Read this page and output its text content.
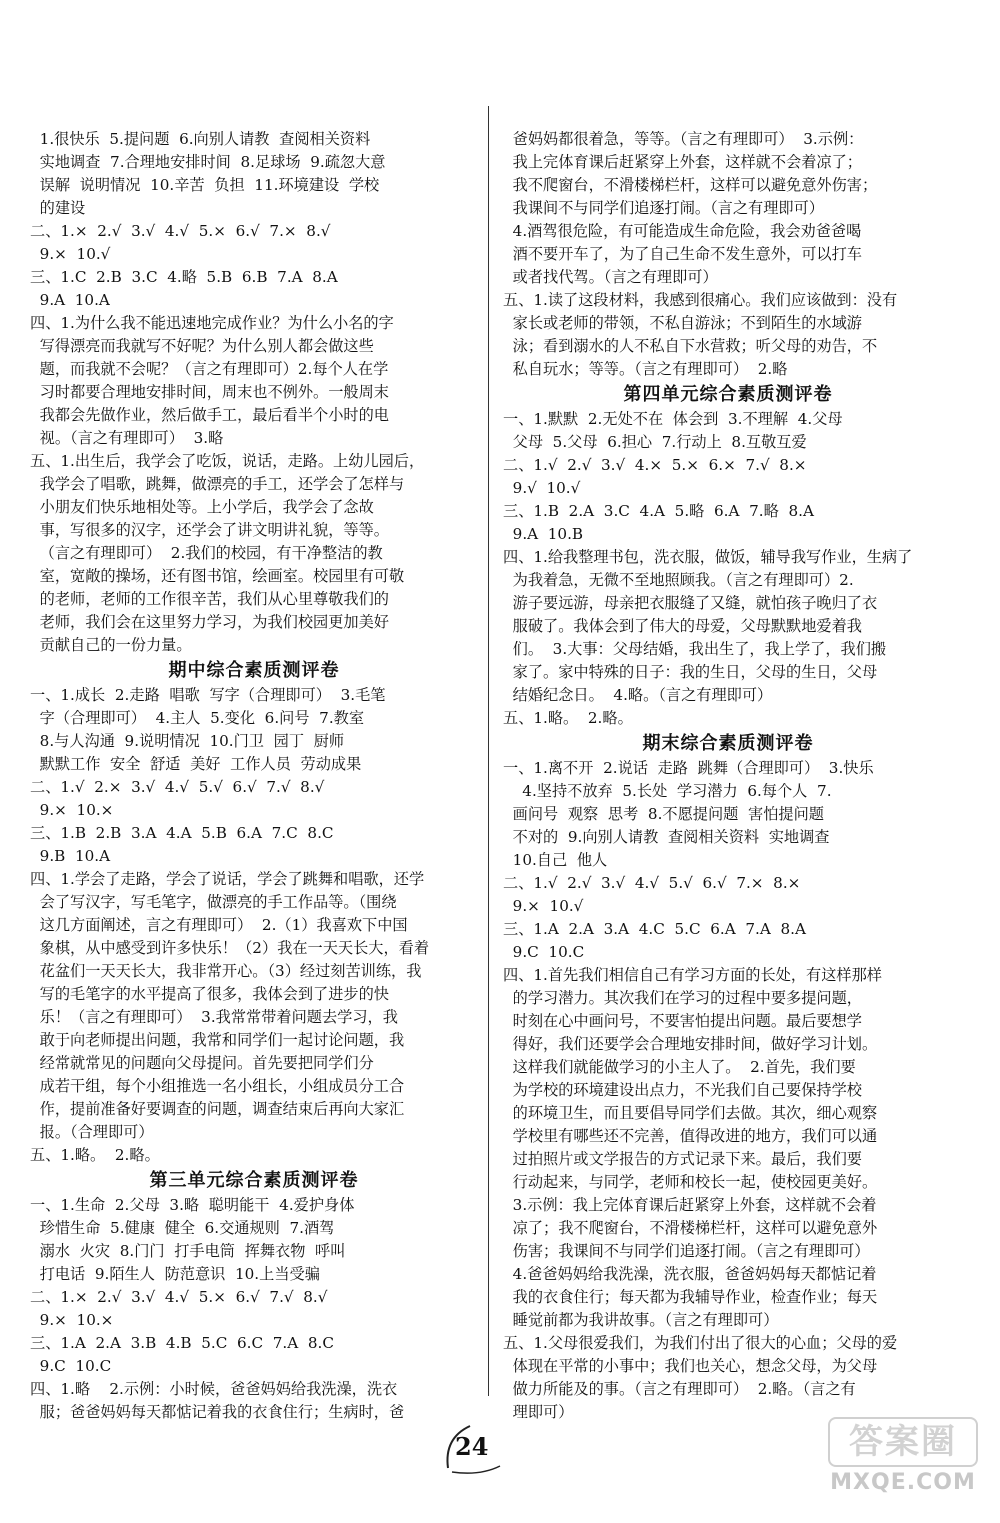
1.很快乐  5.提问题  6.向别人请教  查阅相关资料
实地调查  7.合理地安排时间  8.足球场  9.疏忽大意
误解  说明情况  10.辛苦  负担  11.环境建设  学校
的建设
二、1.×  2.√  3.√  4.√  5.×  6.√  7.×  8.√
9.×  10.√
三、1.C  2.B  3.C  4.略  5.B  6.B  7.A  8.A
9.A  10.A
四、1.为什么我不能迅速地完成作业？为什么小名的字
写得漂亮而我就写不好呢？为什么别人都会做这些
题，而我就不会呢？（言之有理即可）2.每个人在学
习时都要合理地安排时间，周末也不例外。一般周末
我都会先做作业，然后做手工，最后看半个小时的电
视。（言之有理即可）  3.略
五、1.出生后，我学会了吃饭，说话，走路。上幼儿园后，
我学会了唱歌，跳舞，做漂亮的手工，还学会了怎样与
小朋友们快乐地相处等。上小学后，我学会了念故
事，写很多的汉字，还学会了讲文明讲礼貌，等等。
（言之有理即可）  2.我们的校园，有干净整洁的教
室，宽敞的操场，还有图书馆，绘画室。校园里有可敬
的老师，老师的工作很辛苦，我们从心里尊敬我们的
老师，我们会在这里努力学习，为我们校园更加美好
贡献自己的一份力量。
期中综合素质测评卷
一、1.成长  2.走路  唱歌  写字（合理即可）  3.毛笔
字（合理即可）  4.主人  5.变化  6.问号  7.教室
8.与人沟通  9.说明情况  10.门卫  园丁  厨师
默默工作  安全  舒适  美好  工作人员  劳动成果
二、1.√  2.×  3.√  4.√  5.√  6.√  7.√  8.√
9.×  10.×
三、1.B  2.B  3.A  4.A  5.B  6.A  7.C  8.C
9.B  10.A
四、1.学会了走路，学会了说话，学会了跳舞和唱歌，还学
会了写汉字，写毛笔字，做漂亮的手工作品等。（围绕
这几方面阐述，言之有理即可）  2.（1）我喜欢下中国
象棋，从中感受到许多快乐！（2）我在一天天长大，看着
花盆们一天天长大，我非常开心。（3）经过刻苦训练，我
写的毛笔字的水平提高了很多，我体会到了进步的快
乐！（言之有理即可）  3.我常常带着问题去学习，我
敢于向老师提出问题，我常和同学们一起讨论问题，我
经常就常见的问题向父母提问。首先要把同学们分
成若干组，每个小组推选一名小组长，小组成员分工合
作，提前准备好要调查的问题，调查结束后再向大家汇
报。（合理即可）
五、1.略。  2.略。
第三单元综合素质测评卷
一、1.生命  2.父母  3.略  聪明能干  4.爱护身体
珍惜生命  5.健康  健全  6.交通规则  7.酒驾
溺水  火灾  8.门门  打手电筒  挥舞衣物  呼叫
打电话  9.陌生人  防范意识  10.上当受骗
二、1.×  2.√  3.√  4.√  5.×  6.√  7.√  8.√
9.×  10.×
三、1.A  2.A  3.B  4.B  5.C  6.C  7.A  8.C
9.C  10.C
四、1.略    2.示例：小时候，爸爸妈妈给我洗澡，洗衣
服；爸爸妈妈每天都惦记着我的衣食住行；生病时，爸
爸妈妈都很着急，等等。（言之有理即可）  3.示例：
我上完体育课后赶紧穿上外套，这样就不会着凉了；
我不爬窗台，不滑楼梯栏杆，这样可以避免意外伤害；
我课间不与同学们追逐打闹。（言之有理即可）
4.酒驾很危险，有可能造成生命危险，我会劝爸爸喝
酒不要开车了，为了自己生命不发生意外，可以打车
或者找代驾。（言之有理即可）
五、1.读了这段材料，我感到很痛心。我们应该做到：没有
家长或老师的带领，不私自游泳；不到陌生的水域游
泳；看到溺水的人不私自下水营救；听父母的劝告，不
私自玩水；等等。（言之有理即可）  2.略
第四单元综合素质测评卷
一、1.默默  2.无处不在  体会到  3.不理解  4.父母
父母  5.父母  6.担心  7.行动上  8.互敬互爱
二、1.√  2.√  3.√  4.×  5.×  6.×  7.√  8.×
9.√  10.√
三、1.B  2.A  3.C  4.A  5.略  6.A  7.略  8.A
9.A  10.B
四、1.给我整理书包，洗衣服，做饭，辅导我写作业，生病了
为我着急，无微不至地照顾我。（言之有理即可）2.
游子要远游，母亲把衣服缝了又缝，就怕孩子晚归了衣
服破了。我体会到了伟大的母爱，父母默默地爱着我
们。  3.大事：父母结婚，我出生了，我上学了，我们搬
家了。家中特殊的日子：我的生日，父母的生日，父母
结婚纪念日。  4.略。（言之有理即可）
五、1.略。  2.略。
期末综合素质测评卷
一、1.离不开  2.说话  走路  跳舞（合理即可）  3.快乐
4.坚持不放弃  5.长处  学习潜力  6.每个人  7.
画问号  观察  思考  8.不愿提问题  害怕提问题
不对的  9.向别人请教  查阅相关资料  实地调查
10.自己  他人
二、1.√  2.√  3.√  4.√  5.√  6.√  7.×  8.×
9.×  10.√
三、1.A  2.A  3.A  4.C  5.C  6.A  7.A  8.A
9.C  10.C
四、1.首先我们相信自己有学习方面的长处，有这样那样
的学习潜力。其次我们在学习的过程中要多提问题，
时刻在心中画问号，不要害怕提出问题。最后要想学
得好，我们还要学会合理地安排时间，做好学习计划。
这样我们就能做学习的小主人了。  2.首先，我们要
为学校的环境建设出点力，不光我们自己要保持学校
的环境卫生，而且要倡导同学们去做。其次，细心观察
学校里有哪些还不完善，值得改进的地方，我们可以通
过拍照片或文学报告的方式记录下来。最后，我们要
行动起来，与同学，老师和校长一起，使校园更美好。
3.示例：我上完体育课后赶紧穿上外套，这样就不会着
凉了；我不爬窗台，不滑楼梯栏杆，这样可以避免意外
伤害；我课间不与同学们追逐打闹。（言之有理即可）
4.爸爸妈妈给我洗澡，洗衣服，爸爸妈妈每天都惦记着
我的衣食住行；每天都为我辅导作业，检查作业；每天
睡觉前都为我讲故事。（言之有理即可）
五、1.父母很爱我们，为我们付出了很大的心血；父母的爱
体现在平常的小事中；我们也关心，想念父母，为父母
做力所能及的事。（言之有理即可）  2.略。（言之有
理即可）
24	答案圈
MXQE.COM
